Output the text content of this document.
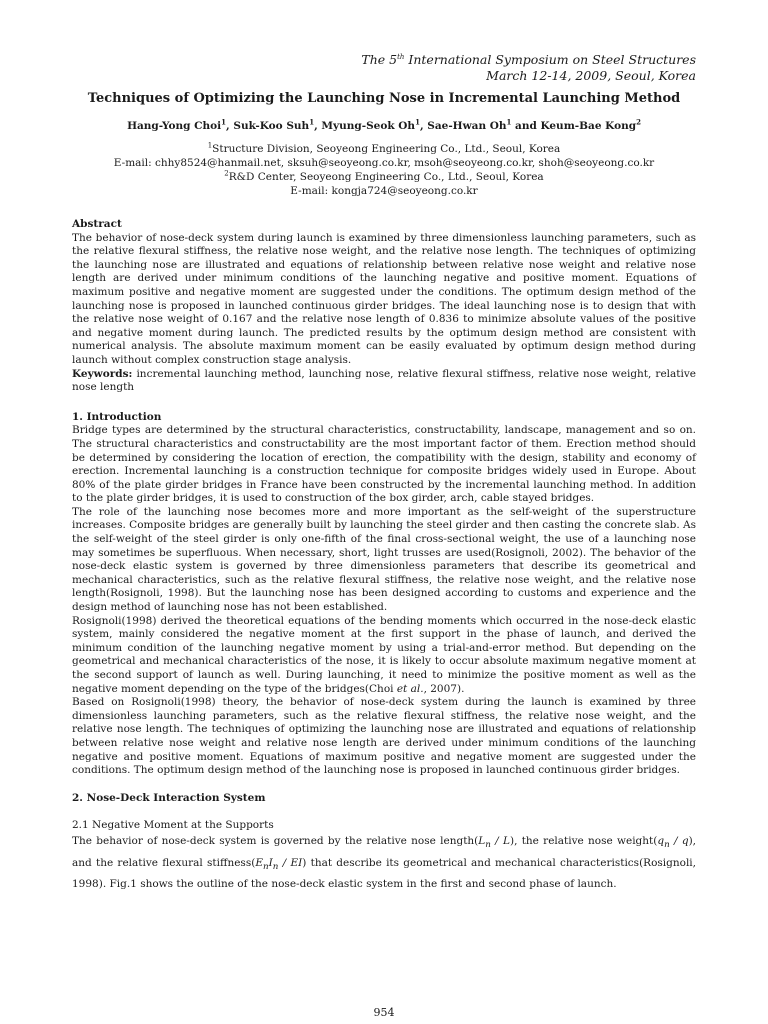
The 5th International Symposium on Steel Structures
March 12-14, 2009, Seoul, Korea
Techniques of Optimizing the Launching Nose in Incremental Launching Method
Hang-Yong Choi$^1$, Suk-Koo Suh$^1$, Myung-Seok Oh$^1$, Sae-Hwan Oh$^1$ and Keum-Bae Kong$^2$
$^1$Structure Division, Seoyeong Engineering Co., Ltd., Seoul, Korea
E-mail: chhy8524@hanmail.net, sksuh@seoyeong.co.kr, msoh@seoyeong.co.kr, shoh@seoyeong.co.kr
$^2$R&D Center, Seoyeong Engineering Co., Ltd., Seoul, Korea
E-mail: kongja724@seoyeong.co.kr
Abstract
The behavior of nose-deck system during launch is examined by three dimensionless launching parameters, such as the relative flexural stiffness, the relative nose weight, and the relative nose length. The techniques of optimizing the launching nose are illustrated and equations of relationship between relative nose weight and relative nose length are derived under minimum conditions of the launching negative and positive moment. Equations of maximum positive and negative moment are suggested under the conditions. The optimum design method of the launching nose is proposed in launched continuous girder bridges. The ideal launching nose is to design that with the relative nose weight of 0.167 and the relative nose length of 0.836 to minimize absolute values of the positive and negative moment during launch. The predicted results by the optimum design method are consistent with numerical analysis. The absolute maximum moment can be easily evaluated by optimum design method during launch without complex construction stage analysis.
Keywords: incremental launching method, launching nose, relative flexural stiffness, relative nose weight, relative nose length
1. Introduction
Bridge types are determined by the structural characteristics, constructability, landscape, management and so on. The structural characteristics and constructability are the most important factor of them. Erection method should be determined by considering the location of erection, the compatibility with the design, stability and economy of erection. Incremental launching is a construction technique for composite bridges widely used in Europe. About 80% of the plate girder bridges in France have been constructed by the incremental launching method. In addition to the plate girder bridges, it is used to construction of the box girder, arch, cable stayed bridges.
The role of the launching nose becomes more and more important as the self-weight of the superstructure increases. Composite bridges are generally built by launching the steel girder and then casting the concrete slab. As the self-weight of the steel girder is only one-fifth of the final cross-sectional weight, the use of a launching nose may sometimes be superfluous. When necessary, short, light trusses are used(Rosignoli, 2002). The behavior of the nose-deck elastic system is governed by three dimensionless parameters that describe its geometrical and mechanical characteristics, such as the relative flexural stiffness, the relative nose weight, and the relative nose length(Rosignoli, 1998). But the launching nose has been designed according to customs and experience and the design method of launching nose has not been established.
Rosignoli(1998) derived the theoretical equations of the bending moments which occurred in the nose-deck elastic system, mainly considered the negative moment at the first support in the phase of launch, and derived the minimum condition of the launching negative moment by using a trial-and-error method. But depending on the geometrical and mechanical characteristics of the nose, it is likely to occur absolute maximum negative moment at the second support of launch as well. During launching, it need to minimize the positive moment as well as the negative moment depending on the type of the bridges(Choi et al., 2007).
Based on Rosignoli(1998) theory, the behavior of nose-deck system during the launch is examined by three dimensionless launching parameters, such as the relative flexural stiffness, the relative nose weight, and the relative nose length. The techniques of optimizing the launching nose are illustrated and equations of relationship between relative nose weight and relative nose length are derived under minimum conditions of the launching negative and positive moment. Equations of maximum positive and negative moment are suggested under the conditions. The optimum design method of the launching nose is proposed in launched continuous girder bridges.
2. Nose-Deck Interaction System
2.1 Negative Moment at the Supports
The behavior of nose-deck system is governed by the relative nose $length(L_n / L)$, the relative nose $weight(q_n / q)$, and the relative flexural $stiffness(E_nI_n / EI)$ that describe its geometrical and mechanical characteristics(Rosignoli, 1998). Fig.1 shows the outline of the nose-deck elastic system in the first and second phase of launch.
954
